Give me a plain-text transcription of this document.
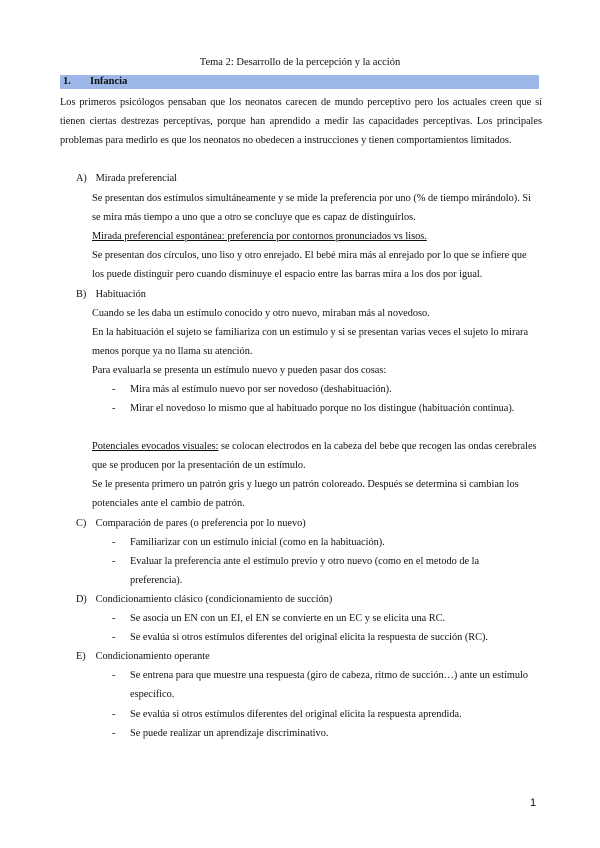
Tema 2: Desarrollo de la percepción y la acción
1. Infancia
Los primeros psicólogos pensaban que los neonatos carecen de mundo perceptivo pero los actuales creen que sí tienen ciertas destrezas perceptivas, porque han aprendido a medir las capacidades perceptivas. Los principales problemas para medirlo es que los neonatos no obedecen a instrucciones y tienen comportamientos limitados.
A) Mirada preferencial
Se presentan dos estímulos simultáneamente y se mide la preferencia por uno (% de tiempo mirándolo). Si se mira más tiempo a uno que a otro se concluye que es capaz de distinguirlos.
Mirada preferencial espontánea: preferencia por contornos pronunciados vs lisos.
Se presentan dos círculos, uno liso y otro enrejado. El bebé mira más al enrejado por lo que se infiere que los puede distinguir pero cuando disminuye el espacio entre las barras mira a los dos por igual.
B) Habituación
Cuando se les daba un estímulo conocido y otro nuevo, miraban más al novedoso.
En la habituación el sujeto se familiariza con un estímulo y si se presentan varias veces el sujeto lo mirara menos porque ya no llama su atención.
Para evaluarla se presenta un estímulo nuevo y pueden pasar dos cosas:
- Mira más al estímulo nuevo por ser novedoso (deshabituación).
- Mirar el novedoso lo mismo que al habituado porque no los distingue (habituación continua).
Potenciales evocados visuales: se colocan electrodos en la cabeza del bebe que recogen las ondas cerebrales que se producen por la presentación de un estímulo.
Se le presenta primero un patrón gris y luego un patrón coloreado. Después se determina si cambian los potenciales ante el cambio de patrón.
C) Comparación de pares (o preferencia por lo nuevo)
- Familiarizar con un estímulo inicial (como en la habituación).
- Evaluar la preferencia ante el estímulo previo y otro nuevo (como en el metodo de la preferencia).
D) Condicionamiento clásico (condicionamiento de succión)
- Se asocia un EN con un EI, el EN se convierte en un EC y se elicita una RC.
- Se evalúa si otros estímulos diferentes del original elicita la respuesta de succión (RC).
E) Condicionamiento operante
- Se entrena para que muestre una respuesta (giro de cabeza, ritmo de succión…) ante un estímulo específico.
- Se evalúa si otros estímulos diferentes del original elicita la respuesta aprendida.
- Se puede realizar un aprendizaje discriminativo.
1
